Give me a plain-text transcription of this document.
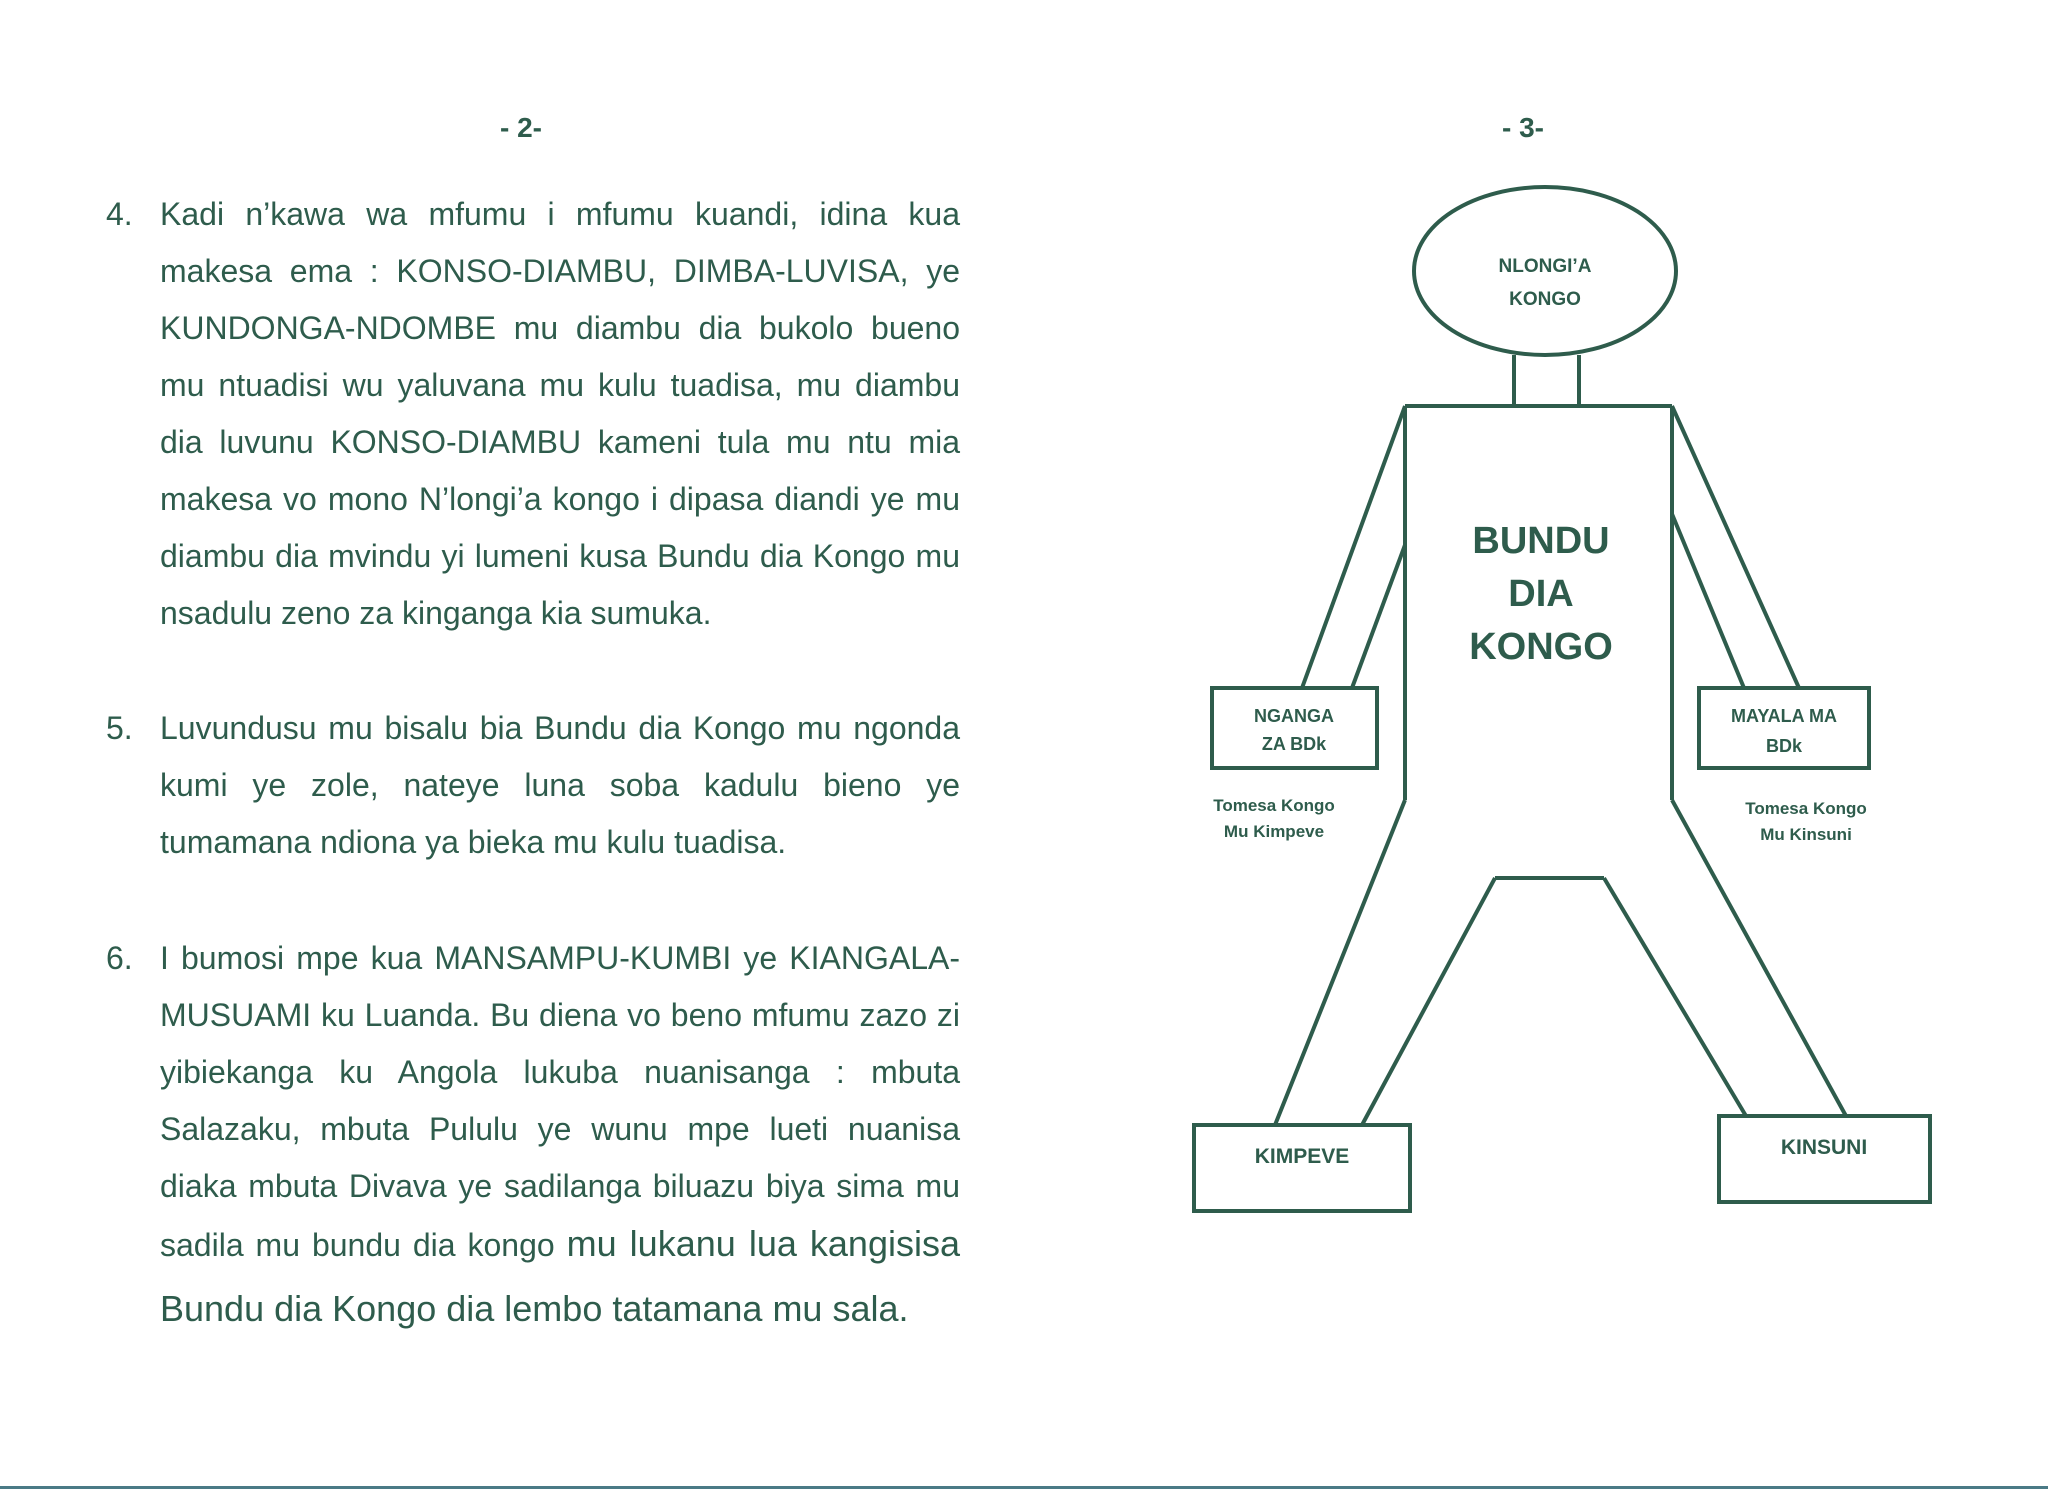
- 2-
4. Kadi n’kawa wa mfumu i mfumu kuandi, idina kua makesa ema : KONSO-DIAMBU, DIMBA-LUVISA, ye KUNDONGA-NDOMBE mu diambu dia bukolo bueno mu ntuadisi wu yaluvana mu kulu tuadisa, mu diambu dia luvunu KONSO-DIAMBU kameni tula mu ntu mia makesa vo mono N’longi’a kongo i dipasa diandi ye mu diambu dia mvindu yi lumeni kusa Bundu dia Kongo mu nsadulu zeno za kinganga kia sumuka.
5. Luvundusu mu bisalu bia Bundu dia Kongo mu ngonda kumi ye zole, nateye luna soba kadulu bieno ye tumamana ndiona ya bieka mu kulu tuadisa.
6. I bumosi mpe kua MANSAMPU-KUMBI ye KIANGALA-MUSUAMI ku Luanda. Bu diena vo beno mfumu zazo zi yibiekanga ku Angola lukuba nuanisanga : mbuta Salazaku, mbuta Pululu ye wunu mpe lueti nuanisa diaka mbuta Divava ye sadilanga biluazu biya sima mu sadila mu bundu dia kongo mu lukanu lua kangisisa
Bundu dia Kongo dia lembo tatamana mu sala.
- 3-
NLONGI’A
KONGO
BUNDU
DIA
KONGO
NGANGA
ZA BDk
Tomesa Kongo
Mu Kimpeve
MAYALA MA
BDk
Tomesa Kongo
Mu Kinsuni
KIMPEVE	KINSUNI
